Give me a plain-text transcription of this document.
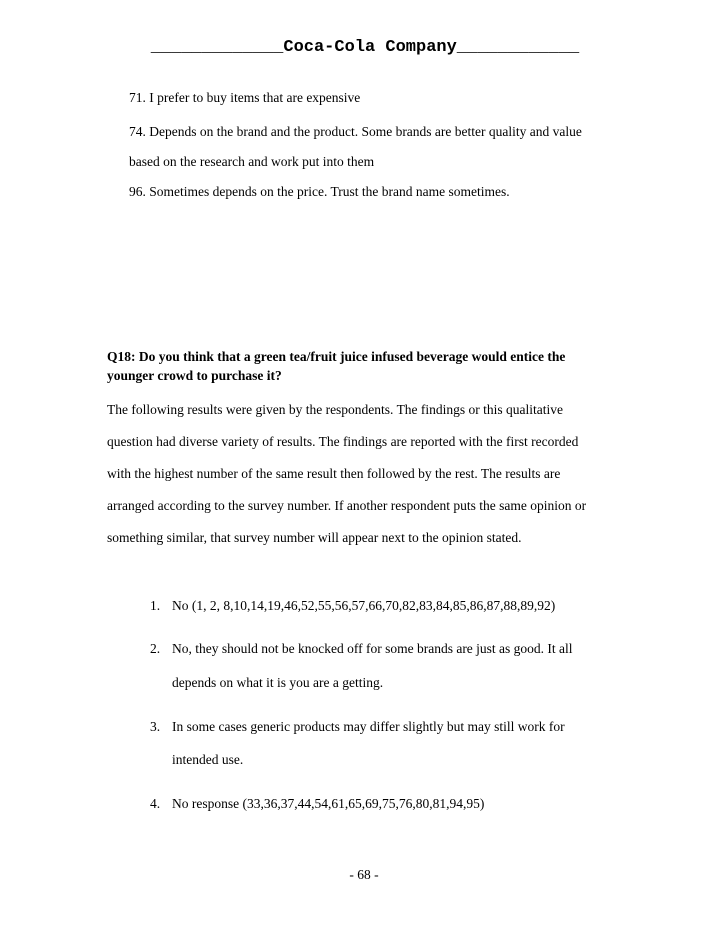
_____________Coca-Cola Company____________
71. I prefer to buy items that are expensive
74. Depends on the brand and the product. Some brands are better quality and value
based on the research and work put into them
96. Sometimes depends on the price. Trust the brand name sometimes.
Q18: Do you think that a green tea/fruit juice infused beverage would entice the
younger crowd to purchase it?
The following results were given by the respondents. The findings or this qualitative
question had diverse variety of results. The findings are reported with the first recorded
with the highest number of the same result then followed by the rest. The results are
arranged according to the survey number. If another respondent puts the same opinion or
something similar, that survey number will appear next to the opinion stated.
1. No (1, 2, 8,10,14,19,46,52,55,56,57,66,70,82,83,84,85,86,87,88,89,92)
2. No, they should not be knocked off for some brands are just as good. It all
depends on what it is you are a getting.
3. In some cases generic products may differ slightly but may still work for
intended use.
4. No response (33,36,37,44,54,61,65,69,75,76,80,81,94,95)
- 68 -
